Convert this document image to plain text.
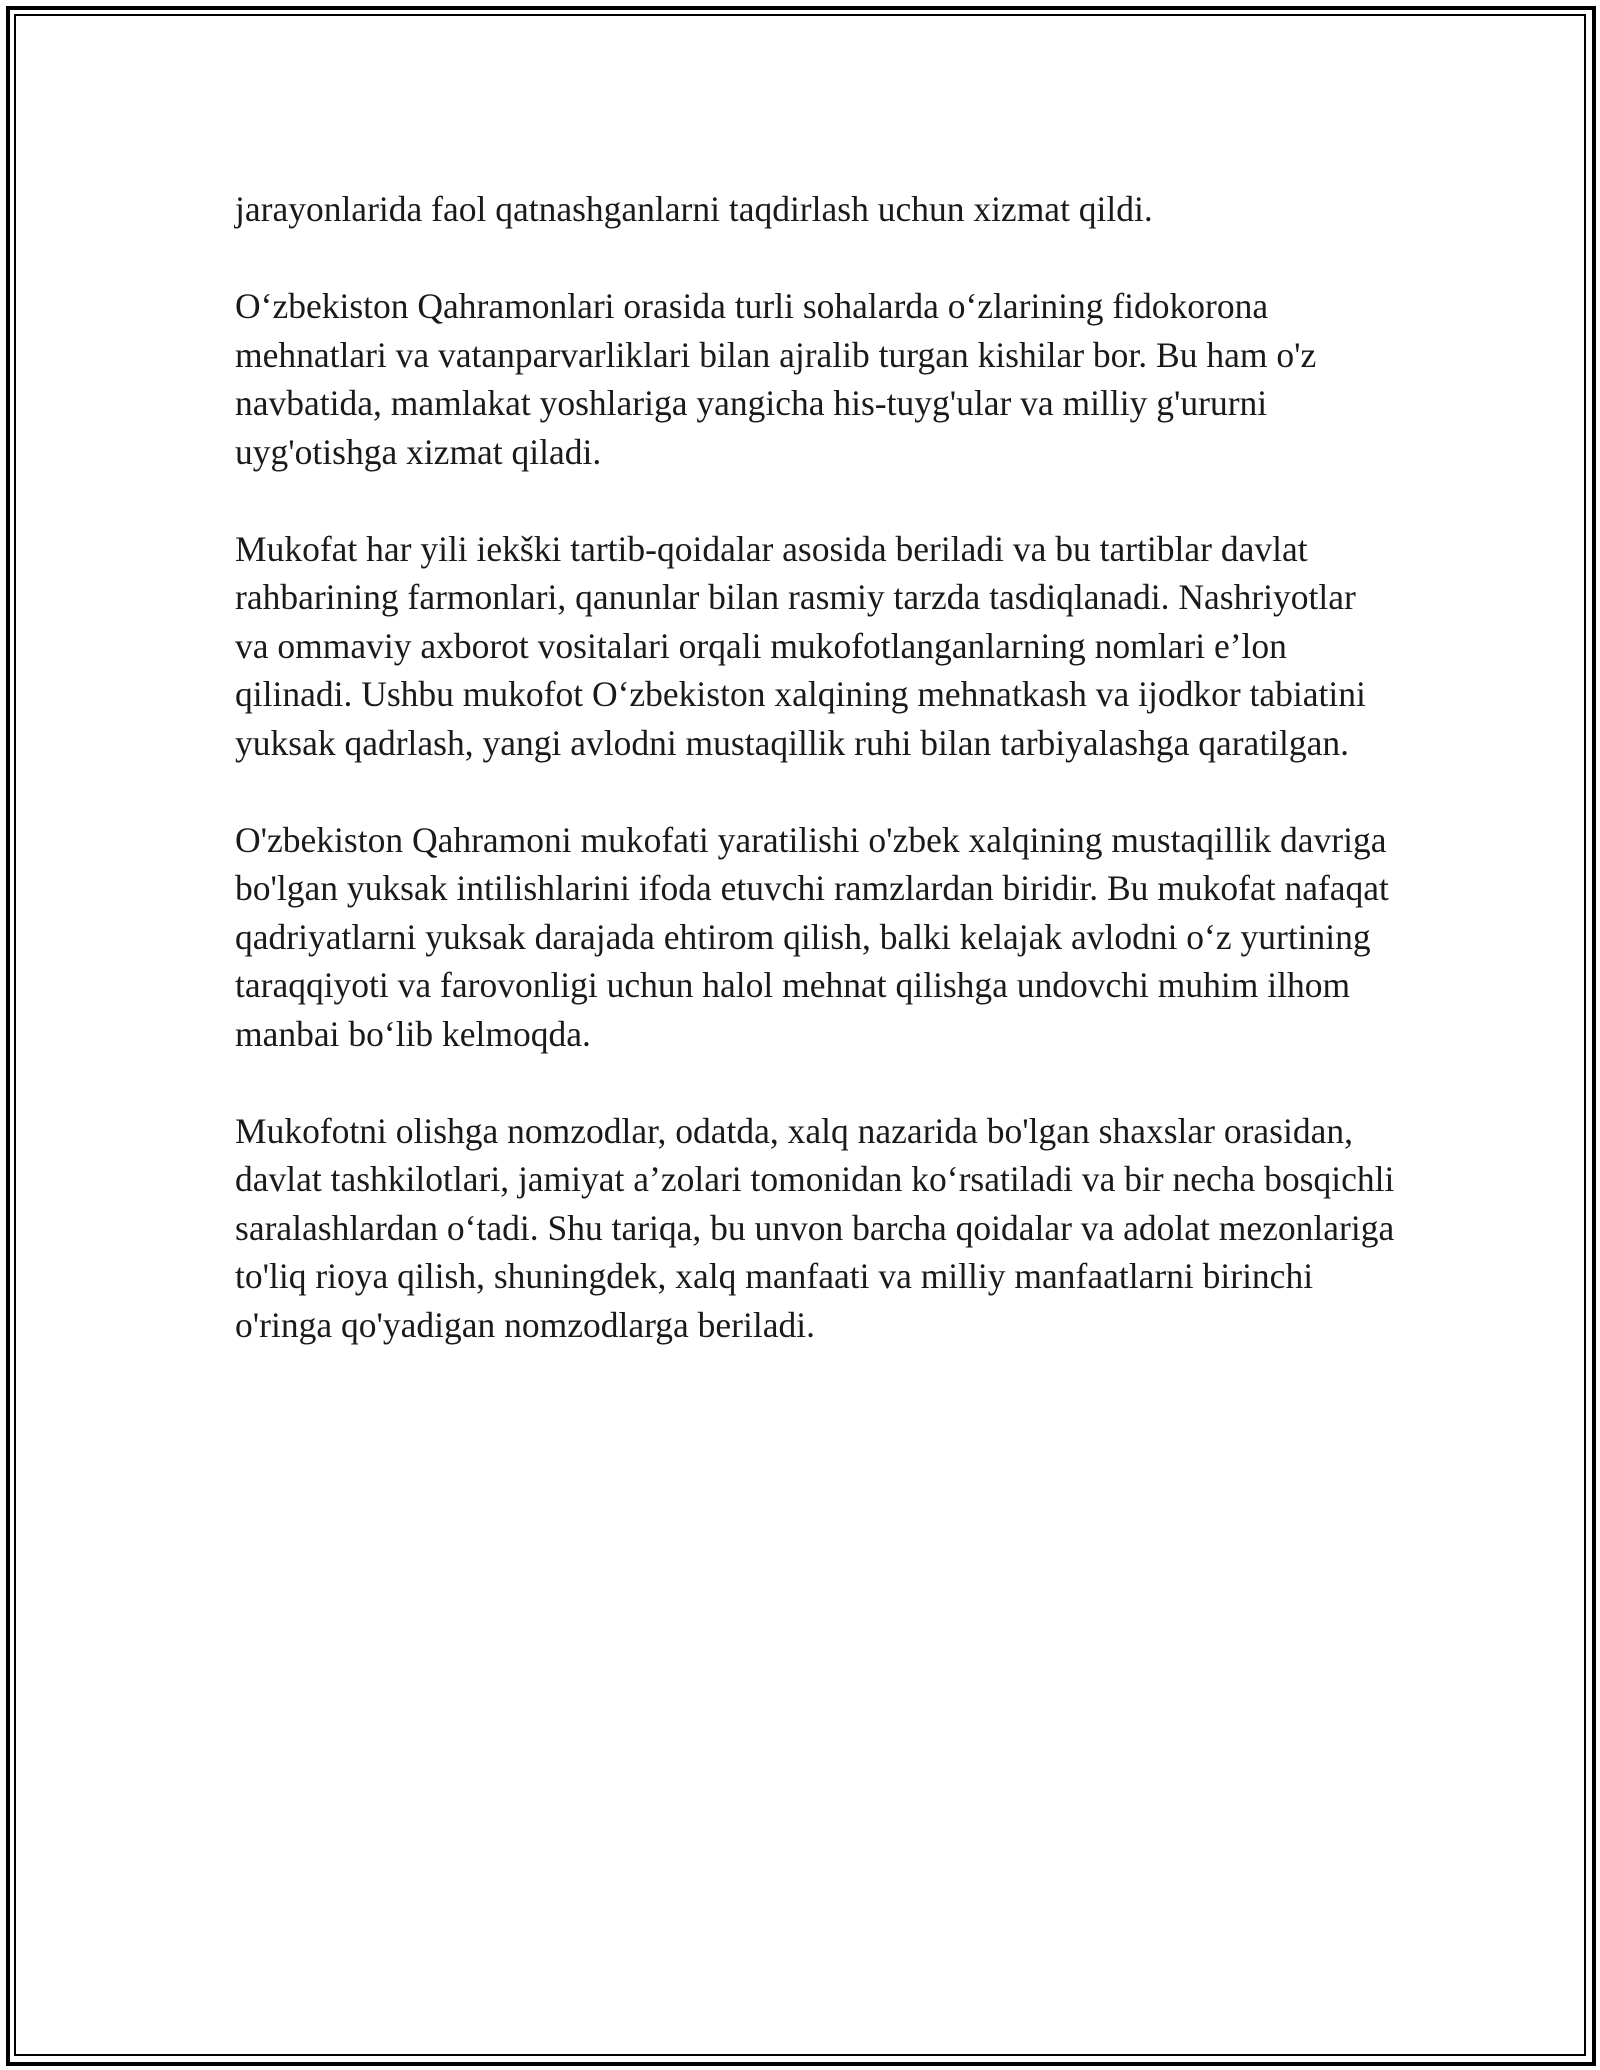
jarayonlarida faol qatnashganlarni taqdirlash uchun xizmat qildi.

O‘zbekiston Qahramonlari orasida turli sohalarda o‘zlarining fidokorona mehnatlari va vatanparvarliklari bilan ajralib turgan kishilar bor. Bu ham o'z navbatida, mamlakat yoshlariga yangicha his-tuyg'ular va milliy g'ururni uyg'otishga xizmat qiladi.

Mukofat har yili iekški tartib-qoidalar asosida beriladi va bu tartiblar davlat rahbarining farmonlari, qanunlar bilan rasmiy tarzda tasdiqlanadi. Nashriyotlar va ommaviy axborot vositalari orqali mukofotlanganlarning nomlari e’lon qilinadi. Ushbu mukofot O‘zbekiston xalqining mehnatkash va ijodkor tabiatini yuksak qadrlash, yangi avlodni mustaqillik ruhi bilan tarbiyalashga qaratilgan.

O'zbekiston Qahramoni mukofati yaratilishi o'zbek xalqining mustaqillik davriga bo'lgan yuksak intilishlarini ifoda etuvchi ramzlardan biridir. Bu mukofat nafaqat qadriyatlarni yuksak darajada ehtirom qilish, balki kelajak avlodni o‘z yurtining taraqqiyoti va farovonligi uchun halol mehnat qilishga undovchi muhim ilhom manbai bo‘lib kelmoqda.

Mukofotni olishga nomzodlar, odatda, xalq nazarida bo'lgan shaxslar orasidan, davlat tashkilotlari, jamiyat a’zolari tomonidan ko‘rsatiladi va bir necha bosqichli saralashlardan o‘tadi. Shu tariqa, bu unvon barcha qoidalar va adolat mezonlariga to'liq rioya qilish, shuningdek, xalq manfaati va milliy manfaatlarni birinchi o'ringa qo'yadigan nomzodlarga beriladi.
